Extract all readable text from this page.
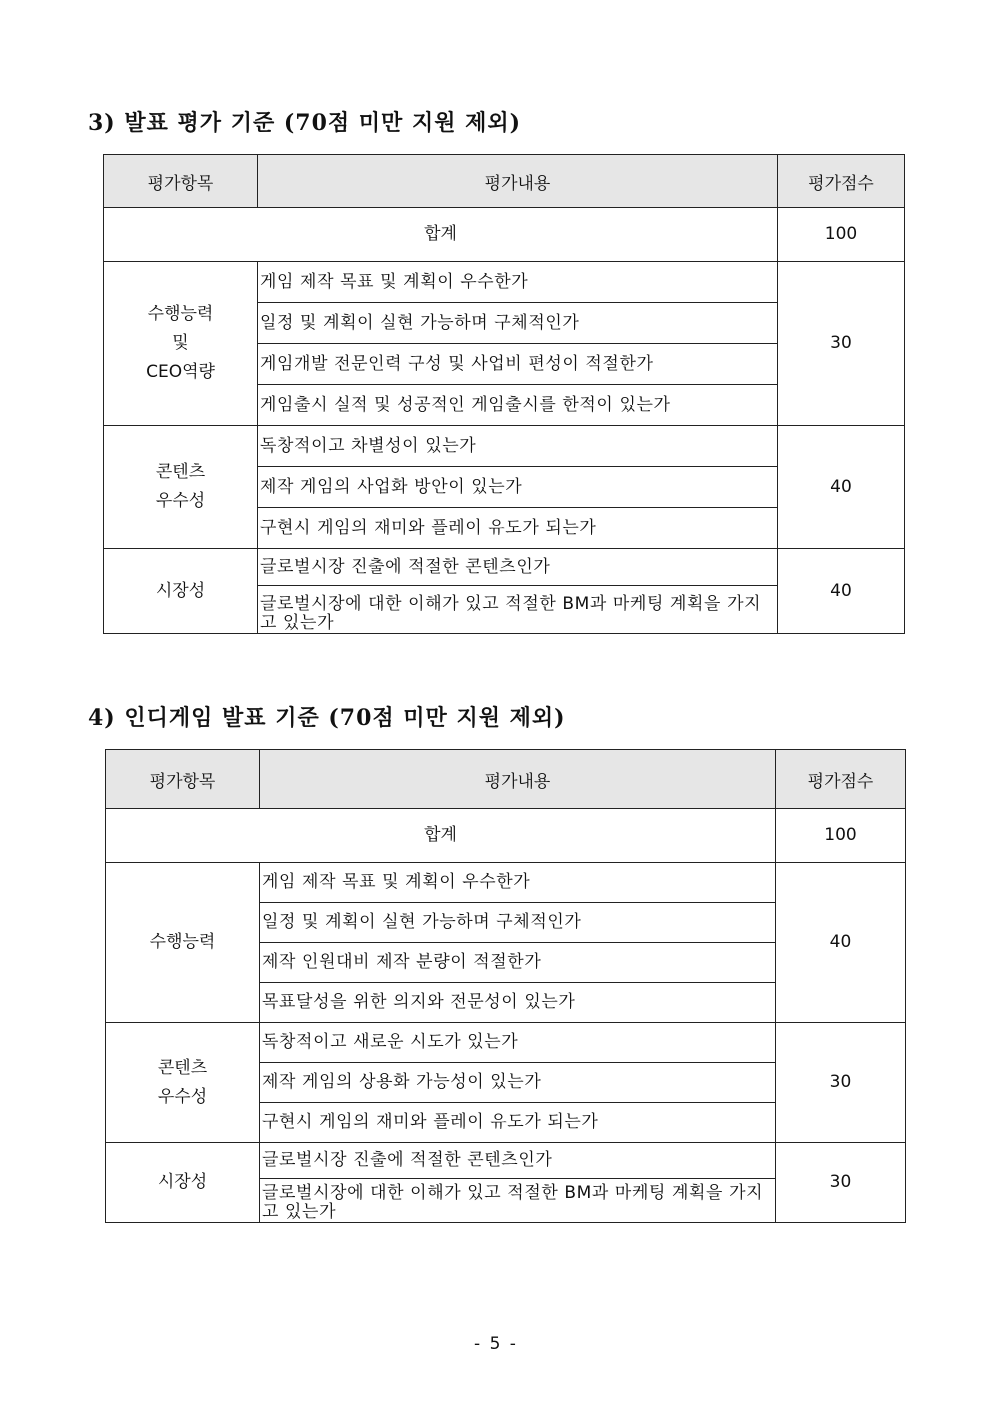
3) 발표 평가 기준 (70점 미만 지원 제외)
평가항목	평가내용	평가점수
합계		100

수행능력
및
CEO역량	게임 제작 목표 및 계획이 우수한가	30
	일정 및 계획이 실현 가능하며 구체적인가	
	게임개발 전문인력 구성 및 사업비 편성이 적절한가	
	게임출시 실적 및 성공적인 게임출시를 한적이 있는가	

콘텐츠
우수성	독창적이고 차별성이 있는가	40
	제작 게임의 사업화 방안이 있는가	
	구현시 게임의 재미와 플레이 유도가 되는가	

시장성	글로벌시장 진출에 적절한 콘텐츠인가	40
	글로벌시장에 대한 이해가 있고 적절한 BM과 마케팅 계획을 가지고 있는가	
4) 인디게임 발표 기준 (70점 미만 지원 제외)
평가항목	평가내용	평가점수
합계		100

수행능력	게임 제작 목표 및 계획이 우수한가	40
	일정 및 계획이 실현 가능하며 구체적인가	
	제작 인원대비 제작 분량이 적절한가	
	목표달성을 위한 의지와 전문성이 있는가	

콘텐츠
우수성	독창적이고 새로운 시도가 있는가	30
	제작 게임의 상용화 가능성이 있는가	
	구현시 게임의 재미와 플레이 유도가 되는가	

시장성	글로벌시장 진출에 적절한 콘텐츠인가	30
	글로벌시장에 대한 이해가 있고 적절한 BM과 마케팅 계획을 가지고 있는가	
- 5 -
